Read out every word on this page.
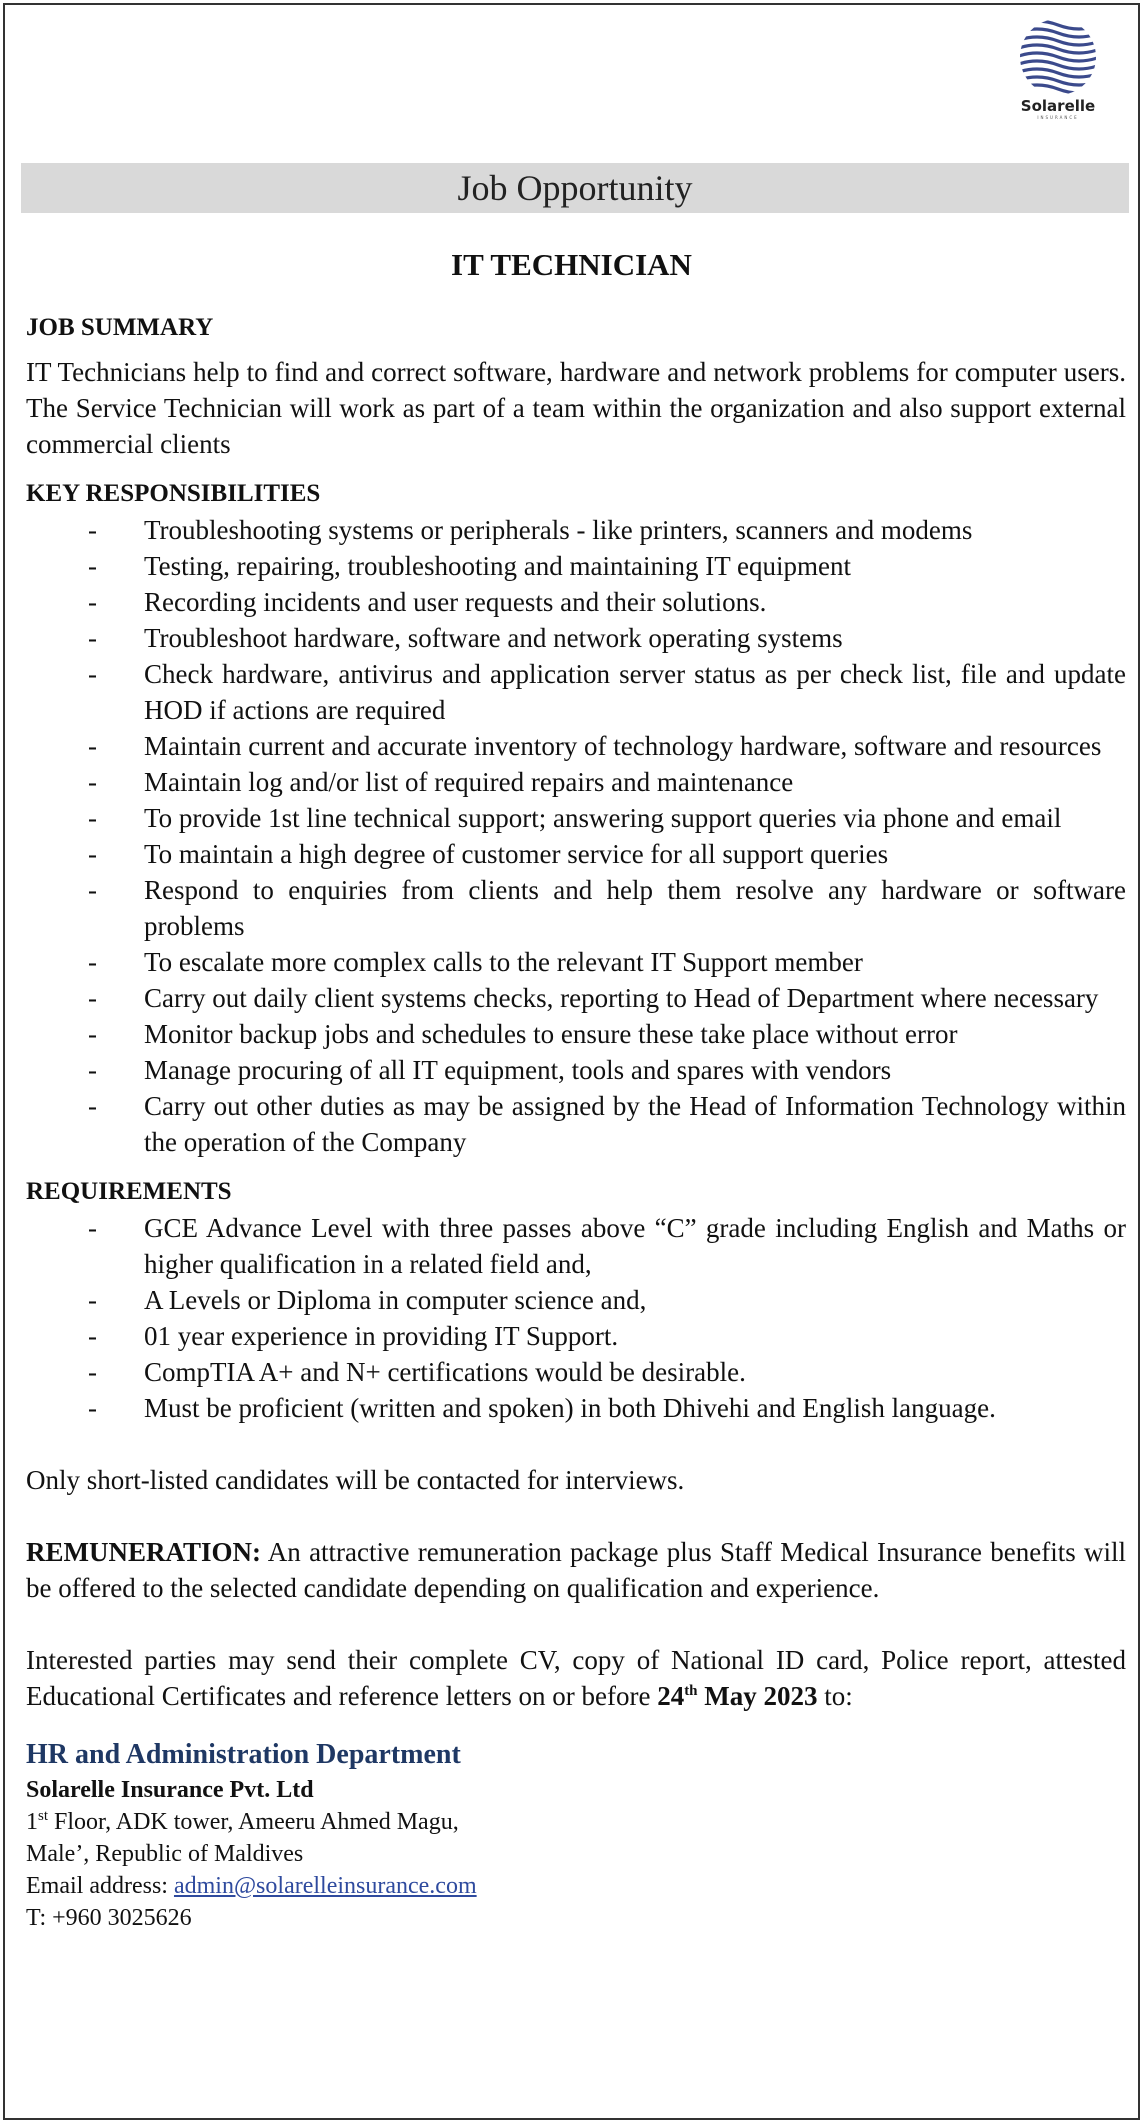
Solarelle
INSURANCE
Job Opportunity
IT TECHNICIAN
JOB SUMMARY

IT Technicians help to find and correct software, hardware and network problems for computer users. The Service Technician will work as part of a team within the organization and also support external commercial clients

KEY RESPONSIBILITIES
- Troubleshooting systems or peripherals - like printers, scanners and modems
- Testing, repairing, troubleshooting and maintaining IT equipment
- Recording incidents and user requests and their solutions.
- Troubleshoot hardware, software and network operating systems
- Check hardware, antivirus and application server status as per check list, file and update HOD if actions are required
- Maintain current and accurate inventory of technology hardware, software and resources
- Maintain log and/or list of required repairs and maintenance
- To provide 1st line technical support; answering support queries via phone and email
- To maintain a high degree of customer service for all support queries
- Respond to enquiries from clients and help them resolve any hardware or software problems
- To escalate more complex calls to the relevant IT Support member
- Carry out daily client systems checks, reporting to Head of Department where necessary
- Monitor backup jobs and schedules to ensure these take place without error
- Manage procuring of all IT equipment, tools and spares with vendors
- Carry out other duties as may be assigned by the Head of Information Technology within the operation of the Company
REQUIREMENTS
- GCE Advance Level with three passes above “C” grade including English and Maths or higher qualification in a related field and,
- A Levels or Diploma in computer science and,
- 01 year experience in providing IT Support.
- CompTIA A+ and N+ certifications would be desirable.
- Must be proficient (written and spoken) in both Dhivehi and English language.

Only short-listed candidates will be contacted for interviews.

REMUNERATION: An attractive remuneration package plus Staff Medical Insurance benefits will be offered to the selected candidate depending on qualification and experience.

Interested parties may send their complete CV, copy of National ID card, Police report, attested Educational Certificates and reference letters on or before 24th May 2023 to:

HR and Administration Department
Solarelle Insurance Pvt. Ltd
1st Floor, ADK tower, Ameeru Ahmed Magu,
Male’, Republic of Maldives
Email address: admin@solarelleinsurance.com
T: +960 3025626
